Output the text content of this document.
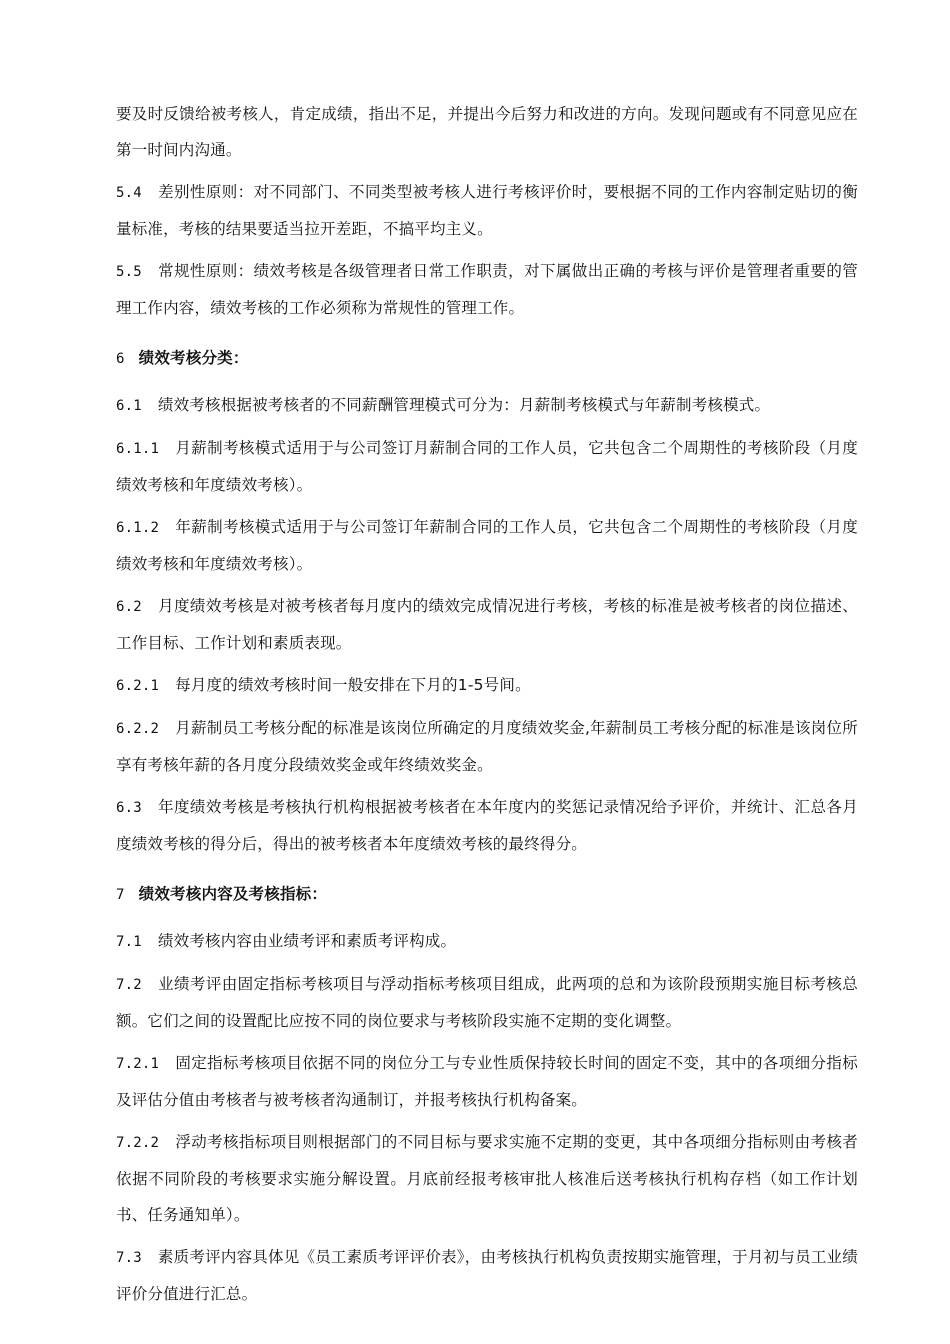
要及时反馈给被考核人，肯定成绩，指出不足，并提出今后努力和改进的方向。发现问题或有不同意见应在第一时间内沟通。

5.4 差别性原则：对不同部门、不同类型被考核人进行考核评价时，要根据不同的工作内容制定贴切的衡量标准，考核的结果要适当拉开差距，不搞平均主义。

5.5 常规性原则：绩效考核是各级管理者日常工作职责，对下属做出正确的考核与评价是管理者重要的管理工作内容，绩效考核的工作必须称为常规性的管理工作。

6 绩效考核分类：

6.1 绩效考核根据被考核者的不同薪酬管理模式可分为：月薪制考核模式与年薪制考核模式。

6.1.1 月薪制考核模式适用于与公司签订月薪制合同的工作人员，它共包含二个周期性的考核阶段（月度绩效考核和年度绩效考核）。

6.1.2 年薪制考核模式适用于与公司签订年薪制合同的工作人员，它共包含二个周期性的考核阶段（月度绩效考核和年度绩效考核）。

6.2 月度绩效考核是对被考核者每月度内的绩效完成情况进行考核，考核的标准是被考核者的岗位描述、工作目标、工作计划和素质表现。

6.2.1 每月度的绩效考核时间一般安排在下月的1-5号间。

6.2.2 月薪制员工考核分配的标准是该岗位所确定的月度绩效奖金,年薪制员工考核分配的标准是该岗位所享有考核年薪的各月度分段绩效奖金或年终绩效奖金。

6.3 年度绩效考核是考核执行机构根据被考核者在本年度内的奖惩记录情况给予评价，并统计、汇总各月度绩效考核的得分后，得出的被考核者本年度绩效考核的最终得分。

7 绩效考核内容及考核指标：

7.1 绩效考核内容由业绩考评和素质考评构成。

7.2 业绩考评由固定指标考核项目与浮动指标考核项目组成，此两项的总和为该阶段预期实施目标考核总额。它们之间的设置配比应按不同的岗位要求与考核阶段实施不定期的变化调整。

7.2.1 固定指标考核项目依据不同的岗位分工与专业性质保持较长时间的固定不变，其中的各项细分指标及评估分值由考核者与被考核者沟通制订，并报考核执行机构备案。

7.2.2 浮动考核指标项目则根据部门的不同目标与要求实施不定期的变更，其中各项细分指标则由考核者依据不同阶段的考核要求实施分解设置。月底前经报考核审批人核准后送考核执行机构存档（如工作计划书、任务通知单）。

7.3 素质考评内容具体见《员工素质考评评价表》，由考核执行机构负责按期实施管理，于月初与员工业绩评价分值进行汇总。
